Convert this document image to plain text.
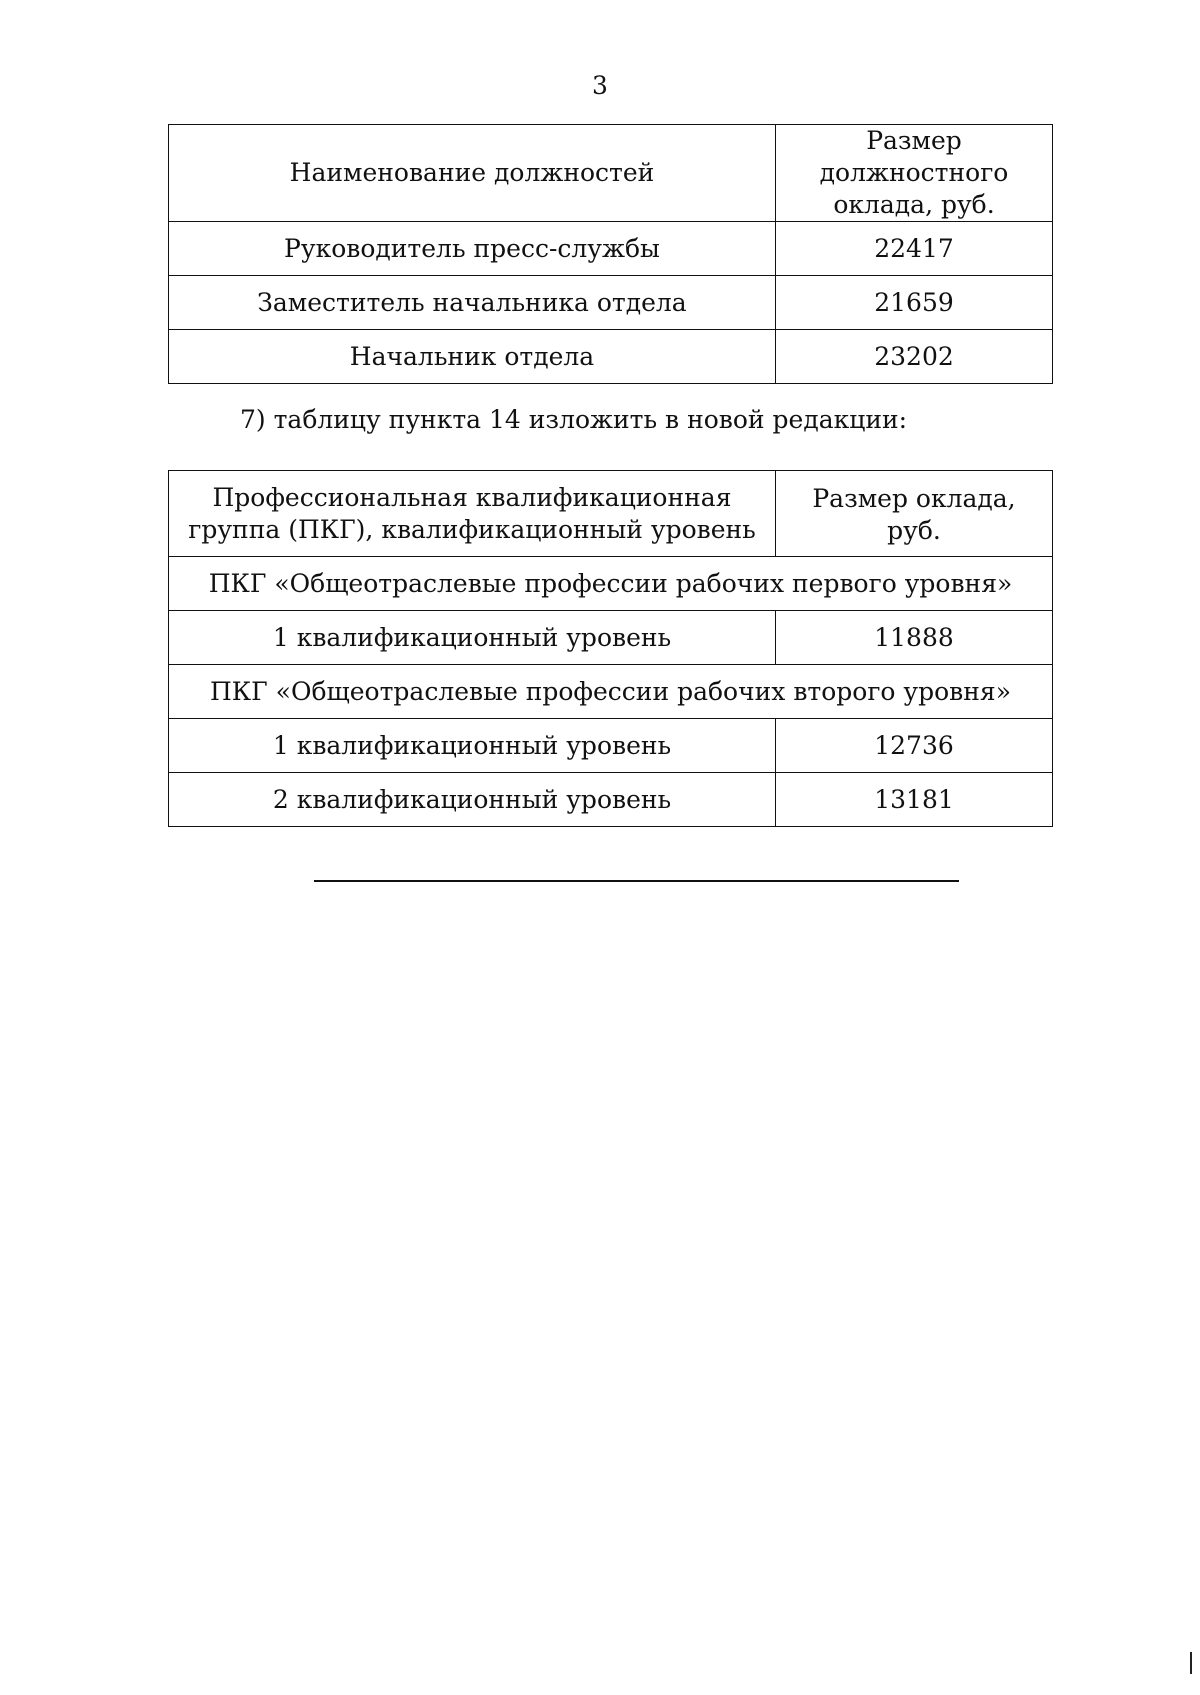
3
Наименование должностей	Размер должностного оклада, руб.
Руководитель пресс-службы	22417
Заместитель начальника отдела	21659
Начальник отдела	23202
7) таблицу пункта 14 изложить в новой редакции:
Профессиональная квалификационная группа (ПКГ), квалификационный уровень	Размер оклада, руб.
ПКГ «Общеотраслевые профессии рабочих первого уровня»	
1 квалификационный уровень	11888
ПКГ «Общеотраслевые профессии рабочих второго уровня»	
1 квалификационный уровень	12736
2 квалификационный уровень	13181
